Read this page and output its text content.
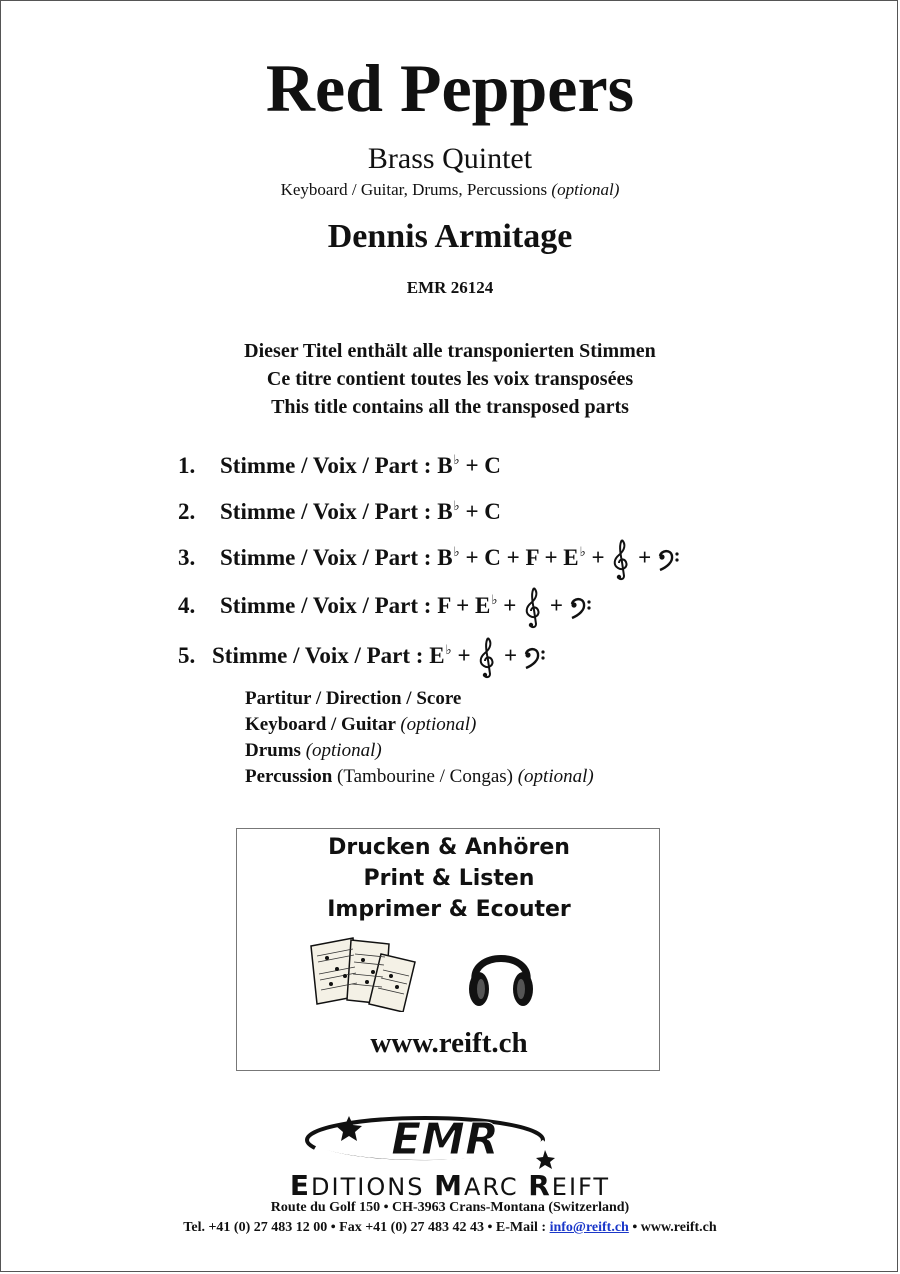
Red Peppers
Brass Quintet
Keyboard / Guitar, Drums, Percussions (optional)
Dennis Armitage
EMR 26124
Dieser Titel enthält alle transponierten Stimmen
Ce titre contient toutes les voix transposées
This title contains all the transposed parts
1. Stimme / Voix / Part : B♭ + C
2. Stimme / Voix / Part : B♭ + C
3. Stimme / Voix / Part : B♭ + C + F + E♭ +  +
4. Stimme / Voix / Part : F + E♭ +  +
5. Stimme / Voix / Part : E♭ +  +
Partitur / Direction / Score
Keyboard / Guitar (optional)
Drums (optional)
Percussion (Tambourine / Congas) (optional)
Drucken & Anhören
Print & Listen
Imprimer & Ecouter
www.reift.ch
EMR
EDITIONS MARC REIFT
Route du Golf 150 • CH-3963 Crans-Montana (Switzerland)
Tel. +41 (0) 27 483 12 00 • Fax +41 (0) 27 483 42 43 • E-Mail : info@reift.ch • www.reift.ch
